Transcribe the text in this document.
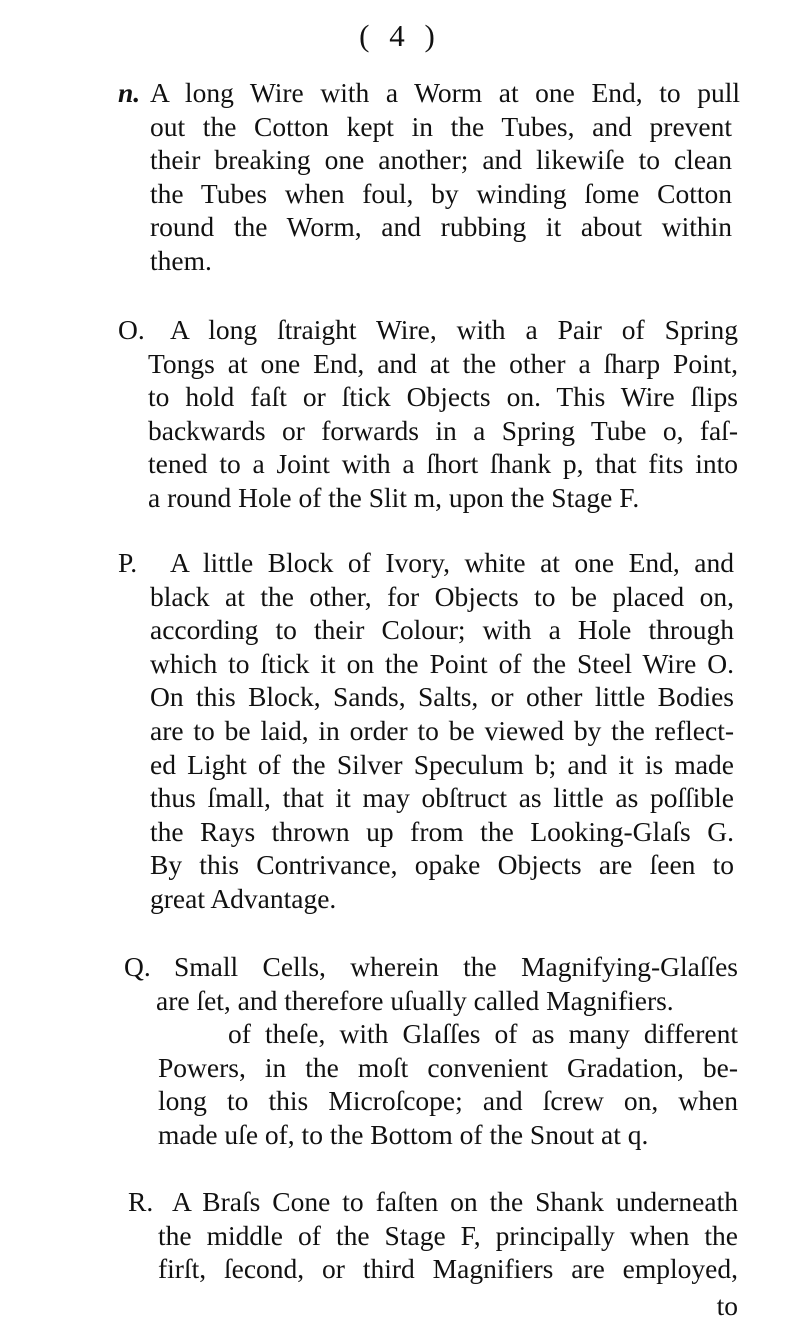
( 4 )
n. A long Wire with a Worm at one End, to pull
out the Cotton kept in the Tubes, and prevent
their breaking one another; and likewiſe to clean
the Tubes when foul, by winding ſome Cotton
round the Worm, and rubbing it about within
them.
O. A long ſtraight Wire, with a Pair of Spring
Tongs at one End, and at the other a ſharp Point,
to hold faſt or ſtick Objects on. This Wire ſlips
backwards or forwards in a Spring Tube o, faſ-
tened to a Joint with a ſhort ſhank p, that fits into
a round Hole of the Slit m, upon the Stage F.
P. A little Block of Ivory, white at one End, and
black at the other, for Objects to be placed on,
according to their Colour; with a Hole through
which to ſtick it on the Point of the Steel Wire O.
On this Block, Sands, Salts, or other little Bodies
are to be laid, in order to be viewed by the reflect-
ed Light of the Silver Speculum b; and it is made
thus ſmall, that it may obſtruct as little as poſſible
the Rays thrown up from the Looking-Glaſs G.
By this Contrivance, opake Objects are ſeen to
great Advantage.
Q. Small Cells, wherein the Magnifying-Glaſſes
are ſet, and therefore uſually called Magnifiers.
of theſe, with Glaſſes of as many different
Powers, in the moſt convenient Gradation, be-
long to this Microſcope; and ſcrew on, when
made uſe of, to the Bottom of the Snout at q.
R. A Braſs Cone to faſten on the Shank underneath
the middle of the Stage F, principally when the
firſt, ſecond, or third Magnifiers are employed,
to
